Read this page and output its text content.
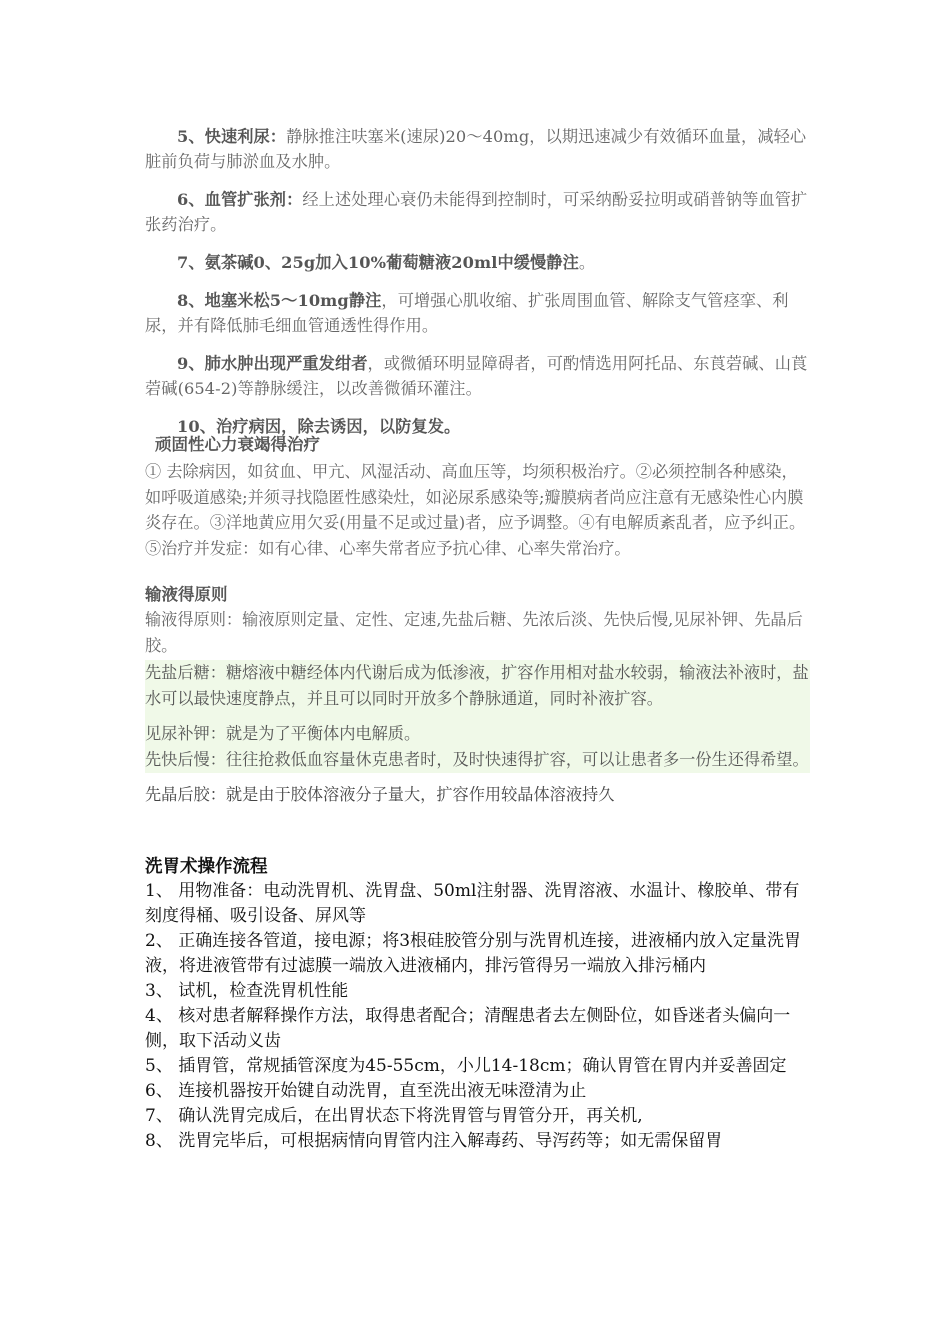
5、快速利尿：静脉推注呋塞米(速尿)20～40mg，以期迅速减少有效循环血量，减轻心脏前负荷与肺淤血及水肿。

6、血管扩张剂：经上述处理心衰仍未能得到控制时，可采纳酚妥拉明或硝普钠等血管扩张药治疗。

7、氨茶碱0、25g加入10%葡萄糖液20ml中缓慢静注。

8、地塞米松5～10mg静注，可增强心肌收缩、扩张周围血管、解除支气管痉挛、利尿，并有降低肺毛细血管通透性得作用。

9、肺水肿出现严重发绀者，或微循环明显障碍者，可酌情选用阿托品、东莨菪碱、山莨菪碱(654-2)等静脉缓注，以改善微循环灌注。

10、治疗病因，除去诱因，以防复发。

顽固性心力衰竭得治疗

① 去除病因，如贫血、甲亢、风湿活动、高血压等，均须积极治疗。②必须控制各种感染，如呼吸道感染;并须寻找隐匿性感染灶，如泌尿系感染等;瓣膜病者尚应注意有无感染性心内膜炎存在。③洋地黄应用欠妥(用量不足或过量)者，应予调整。④有电解质紊乱者，应予纠正。⑤治疗并发症：如有心律、心率失常者应予抗心律、心率失常治疗。

输液得原则

输液得原则：输液原则定量、定性、定速,先盐后糖、先浓后淡、先快后慢,见尿补钾、先晶后胶。

先盐后糖：糖熔液中糖经体内代谢后成为低渗液，扩容作用相对盐水较弱，输液法补液时，盐水可以最快速度静点，并且可以同时开放多个静脉通道，同时补液扩容。

见尿补钾：就是为了平衡体内电解质。

先快后慢：往往抢救低血容量休克患者时，及时快速得扩容，可以让患者多一份生还得希望。

先晶后胶：就是由于胶体溶液分子量大，扩容作用较晶体溶液持久

洗胃术操作流程

1、 用物准备：电动洗胃机、洗胃盘、50ml注射器、洗胃溶液、水温计、橡胶单、带有刻度得桶、吸引设备、屏风等

2、 正确连接各管道，接电源；将3根硅胶管分别与洗胃机连接，进液桶内放入定量洗胃液，将进液管带有过滤膜一端放入进液桶内，排污管得另一端放入排污桶内

3、 试机，检查洗胃机性能

4、 核对患者解释操作方法，取得患者配合；清醒患者去左侧卧位，如昏迷者头偏向一侧，取下活动义齿

5、 插胃管，常规插管深度为45-55cm，小儿14-18cm；确认胃管在胃内并妥善固定

6、 连接机器按开始键自动洗胃，直至洗出液无味澄清为止

7、 确认洗胃完成后，在出胃状态下将洗胃管与胃管分开，再关机,

8、 洗胃完毕后，可根据病情向胃管内注入解毒药、导泻药等；如无需保留胃
